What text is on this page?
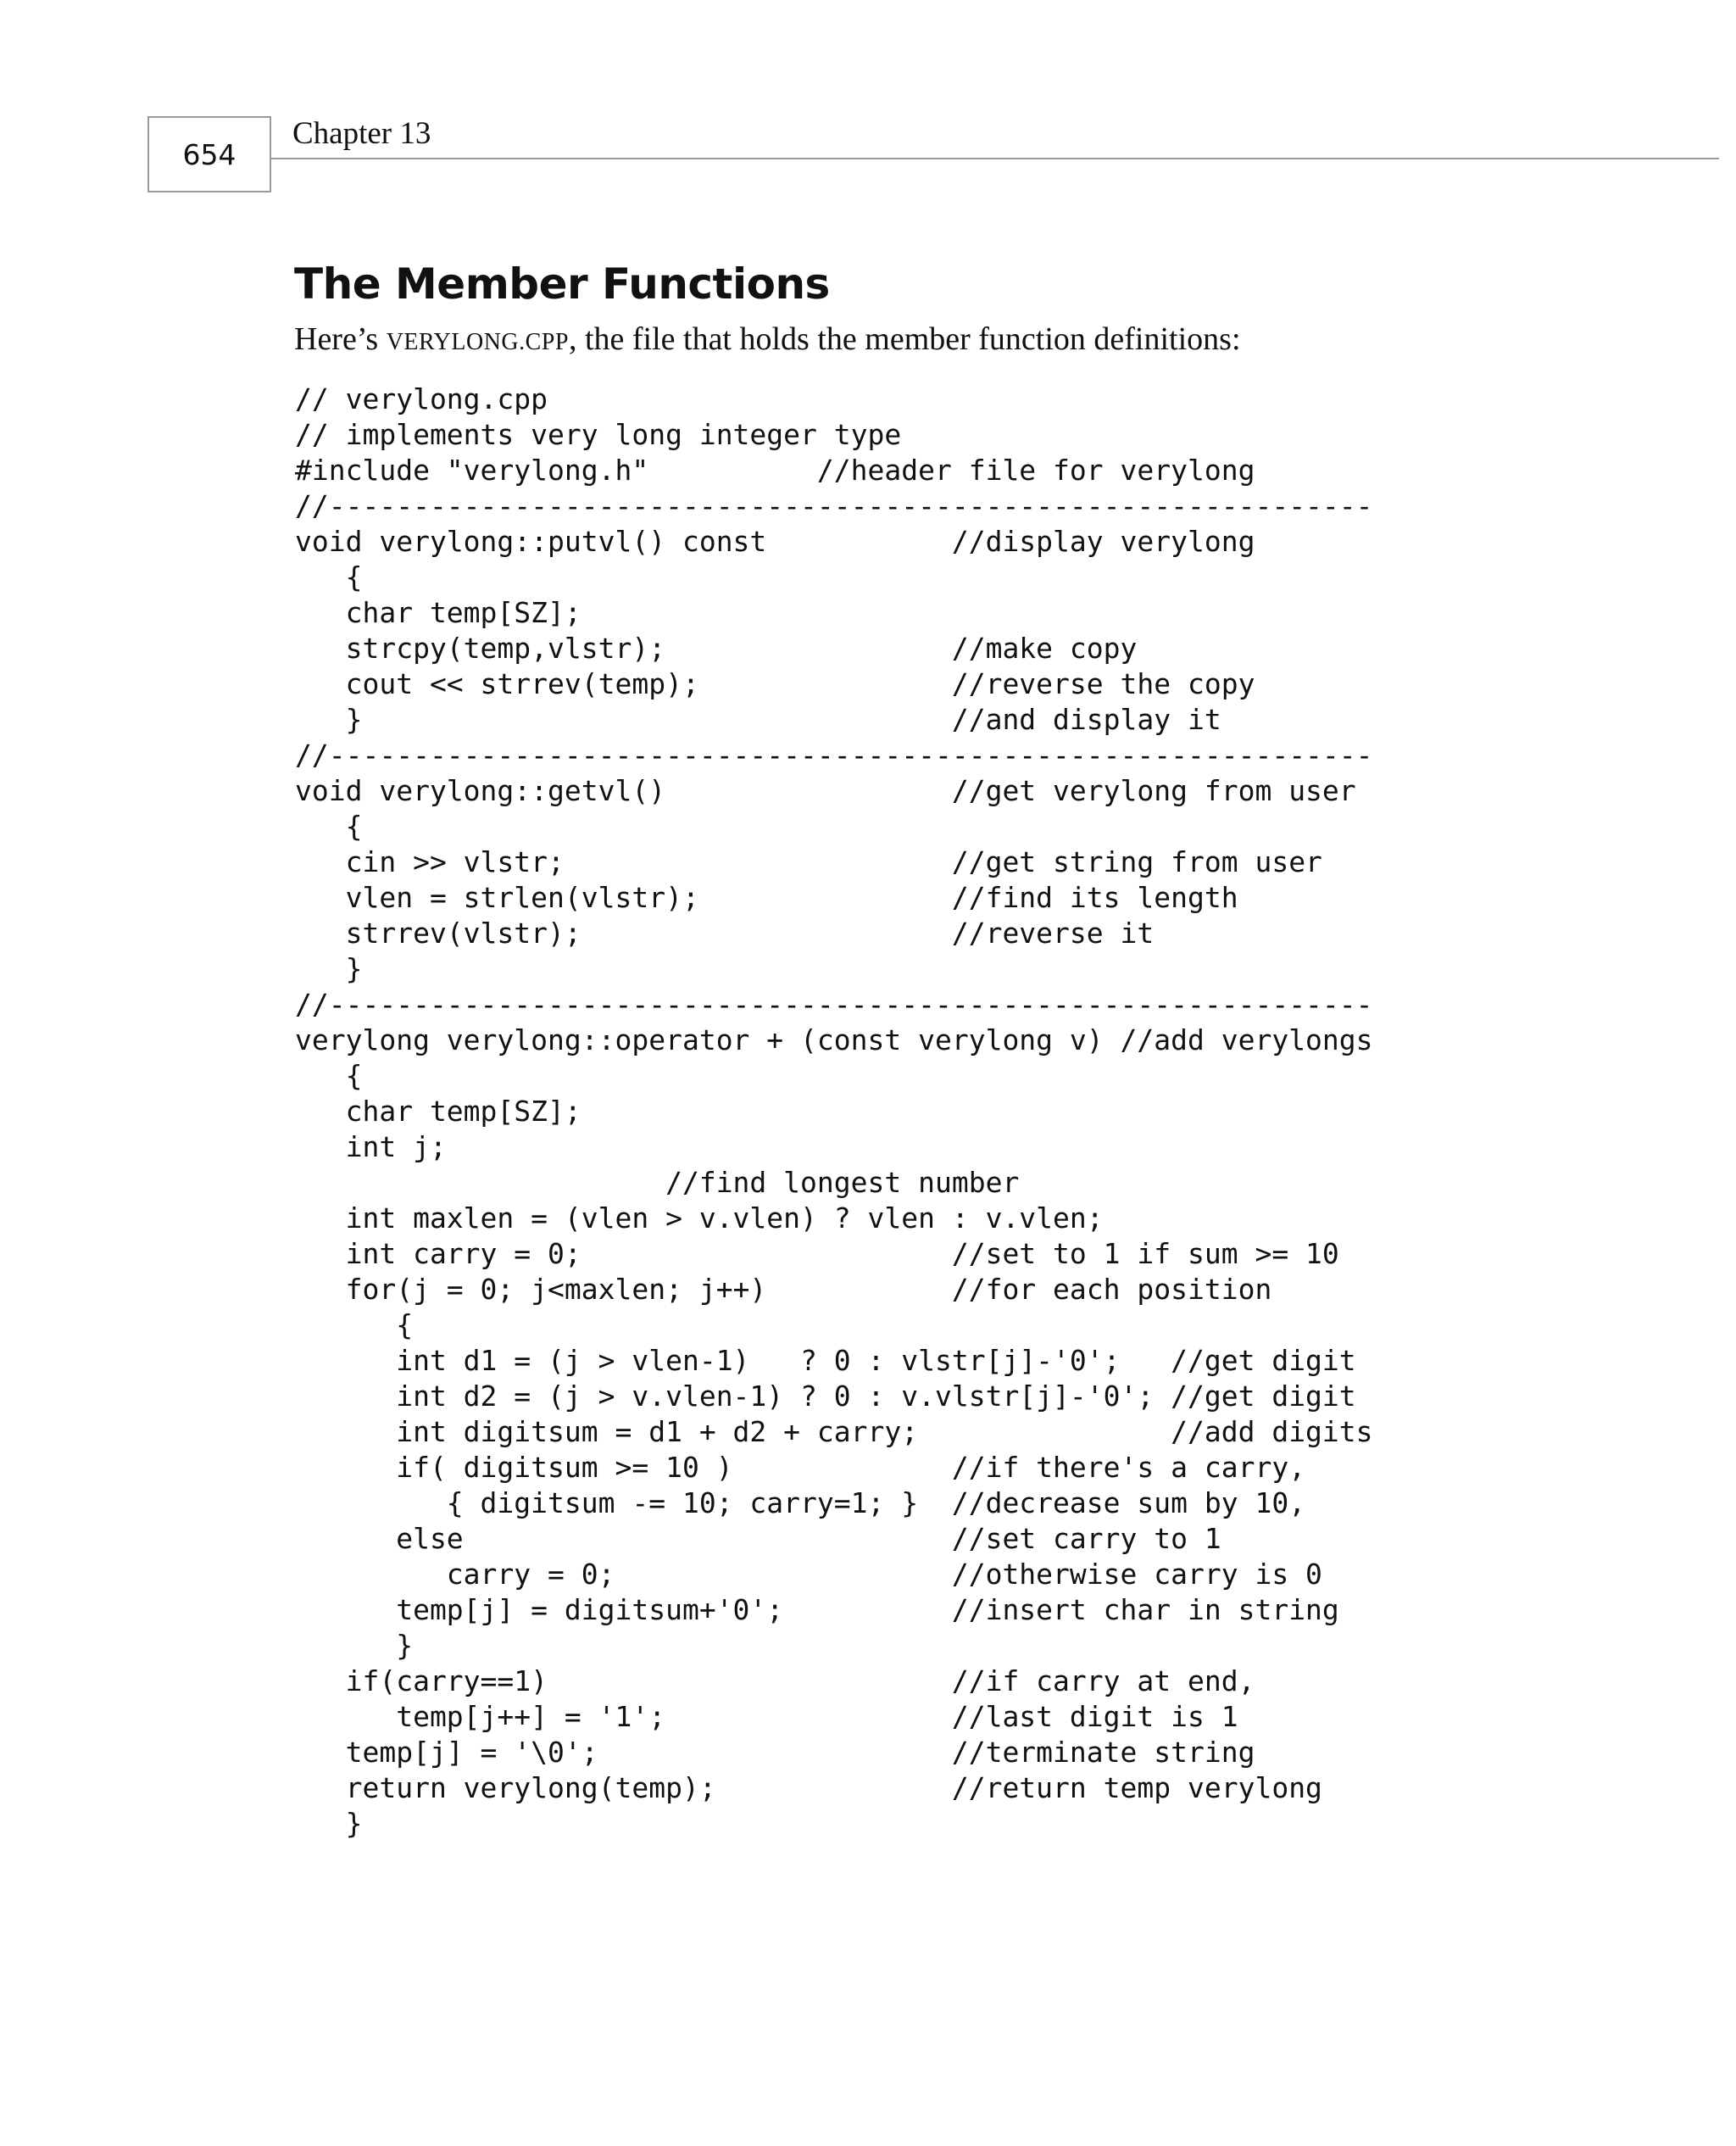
654
Chapter 13
The Member Functions

Here’s VERYLONG.CPP, the file that holds the member function definitions:

// verylong.cpp
// implements very long integer type
#include "verylong.h"          //header file for verylong
//--------------------------------------------------------------
void verylong::putvl() const           //display verylong
{
char temp[SZ];
strcpy(temp,vlstr);                 //make copy
cout << strrev(temp);               //reverse the copy
}                                   //and display it
//--------------------------------------------------------------
void verylong::getvl()                 //get verylong from user
{
cin >> vlstr;                       //get string from user
vlen = strlen(vlstr);               //find its length
strrev(vlstr);                      //reverse it
}
//--------------------------------------------------------------
verylong verylong::operator + (const verylong v) //add verylongs
{
char temp[SZ];
int j;
//find longest number
int maxlen = (vlen > v.vlen) ? vlen : v.vlen;
int carry = 0;                      //set to 1 if sum >= 10
for(j = 0; j<maxlen; j++)           //for each position
{
int d1 = (j > vlen-1)   ? 0 : vlstr[j]-'0';   //get digit
int d2 = (j > v.vlen-1) ? 0 : v.vlstr[j]-'0'; //get digit
int digitsum = d1 + d2 + carry;               //add digits
if( digitsum >= 10 )             //if there's a carry,
{ digitsum -= 10; carry=1; }  //decrease sum by 10,
else                             //set carry to 1
carry = 0;                    //otherwise carry is 0
temp[j] = digitsum+'0';          //insert char in string
}
if(carry==1)                        //if carry at end,
temp[j++] = '1';                 //last digit is 1
temp[j] = '\0';                     //terminate string
return verylong(temp);              //return temp verylong
}
